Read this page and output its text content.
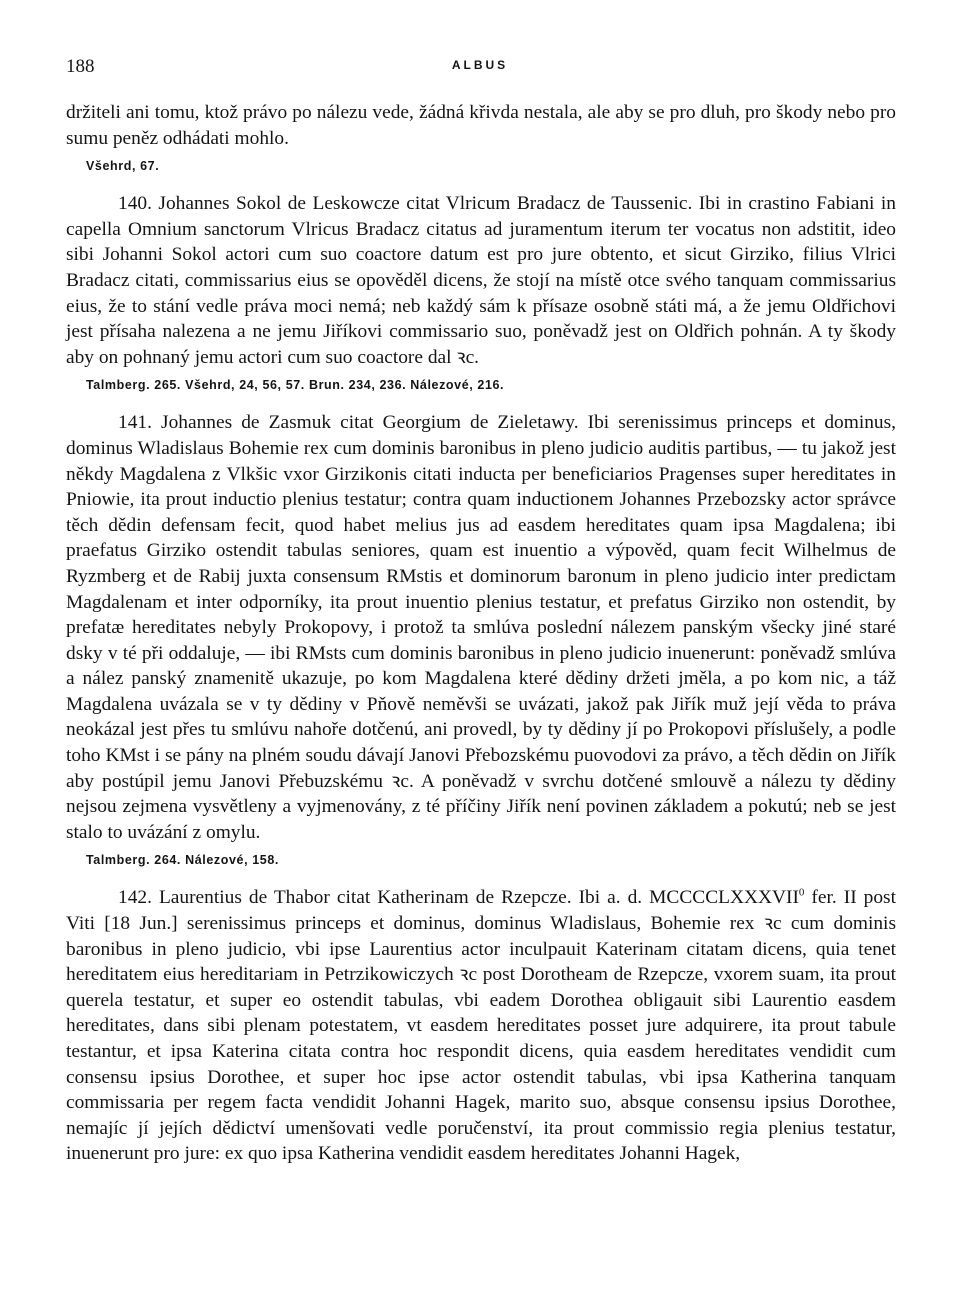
188	ALBUS

držiteli ani tomu, ktož právo po nálezu vede, žádná křivda nestala, ale aby se pro dluh, pro škody nebo pro sumu peněz odhádati mohlo.

Všehrd, 67.

140. Johannes Sokol de Leskowcze citat Vlricum Bradacz de Taussenic. Ibi in crastino Fabiani in capella Omnium sanctorum Vlricus Bradacz citatus ad juramentum iterum ter vocatus non adstitit, ideo sibi Johanni Sokol actori cum suo coactore datum est pro jure obtento, et sicut Girziko, filius Vlrici Bradacz citati, commissarius eius se opověděl dicens, že stojí na místě otce svého tanquam commissarius eius, že to stání vedle práva moci nemá; neb každý sám k přísaze osobně státi má, a že jemu Oldřichovi jest přísaha nalezena a ne jemu Jiříkovi commissario suo, poněvadž jest on Oldřich pohnán. A ty škody aby on pohnaný jemu actori cum suo coactore dal ꝛc.

Talmberg. 265. Všehrd, 24, 56, 57. Brun. 234, 236. Nálezové, 216.

141. Johannes de Zasmuk citat Georgium de Zieletawy. Ibi serenissimus princeps et dominus, dominus Wladislaus Bohemie rex cum dominis baronibus in pleno judicio auditis partibus, — tu jakož jest někdy Magdalena z Vlkšic vxor Girzikonis citati inducta per beneficiarios Pragenses super hereditates in Pniowie, ita prout inductio plenius testatur; contra quam inductionem Johannes Przebozsky actor správce těch dědin defensam fecit, quod habet melius jus ad easdem hereditates quam ipsa Magdalena; ibi praefatus Girziko ostendit tabulas seniores, quam est inuentio a výpověd, quam fecit Wilhelmus de Ryzmberg et de Rabij juxta consensum RMstis et dominorum baronum in pleno judicio inter predictam Magdalenam et inter odporníky, ita prout inuentio plenius testatur, et prefatus Girziko non ostendit, by prefatæ hereditates nebyly Prokopovy, i protož ta smlúva poslední nálezem panským všecky jiné staré dsky v té při oddaluje, — ibi RMsts cum dominis baronibus in pleno judicio inuenerunt: poněvadž smlúva a nález panský znamenitě ukazuje, po kom Magdalena které dědiny držeti jměla, a po kom nic, a táž Magdalena uvázala se v ty dědiny v Pňově neměvši se uvázati, jakož pak Jiřík muž její věda to práva neokázal jest přes tu smlúvu nahoře dotčenú, ani provedl, by ty dědiny jí po Prokopovi příslušely, a podle toho KMst i se pány na plném soudu dávají Janovi Přebozskému puovodovi za právo, a těch dědin on Jiřík aby postúpil jemu Janovi Přebuzskému ꝛc. A poněvadž v svrchu dotčené smlouvě a nálezu ty dědiny nejsou zejmena vysvětleny a vyjmenovány, z té příčiny Jiřík není povinen základem a pokutú; neb se jest stalo to uvázání z omylu.

Talmberg. 264. Nálezové, 158.

142. Laurentius de Thabor citat Katherinam de Rzepcze. Ibi a. d. MCCCCLXXXVII$^0$ fer. II post Viti [18 Jun.] serenissimus princeps et dominus, dominus Wladislaus, Bohemie rex ꝛc cum dominis baronibus in pleno judicio, vbi ipse Laurentius actor inculpauit Katerinam citatam dicens, quia tenet hereditatem eius hereditariam in Petrzikowiczych ꝛc post Dorotheam de Rzepcze, vxorem suam, ita prout querela testatur, et super eo ostendit tabulas, vbi eadem Dorothea obligauit sibi Laurentio easdem hereditates, dans sibi plenam potestatem, vt easdem hereditates posset jure adquirere, ita prout tabule testantur, et ipsa Katerina citata contra hoc respondit dicens, quia easdem hereditates vendidit cum consensu ipsius Dorothee, et super hoc ipse actor ostendit tabulas, vbi ipsa Katherina tanquam commissaria per regem facta vendidit Johanni Hagek, marito suo, absque consensu ipsius Dorothee, nemajíc jí jejích dědictví umenšovati vedle poručenství, ita prout commissio regia plenius testatur, inuenerunt pro jure: ex quo ipsa Katherina vendidit easdem hereditates Johanni Hagek,
